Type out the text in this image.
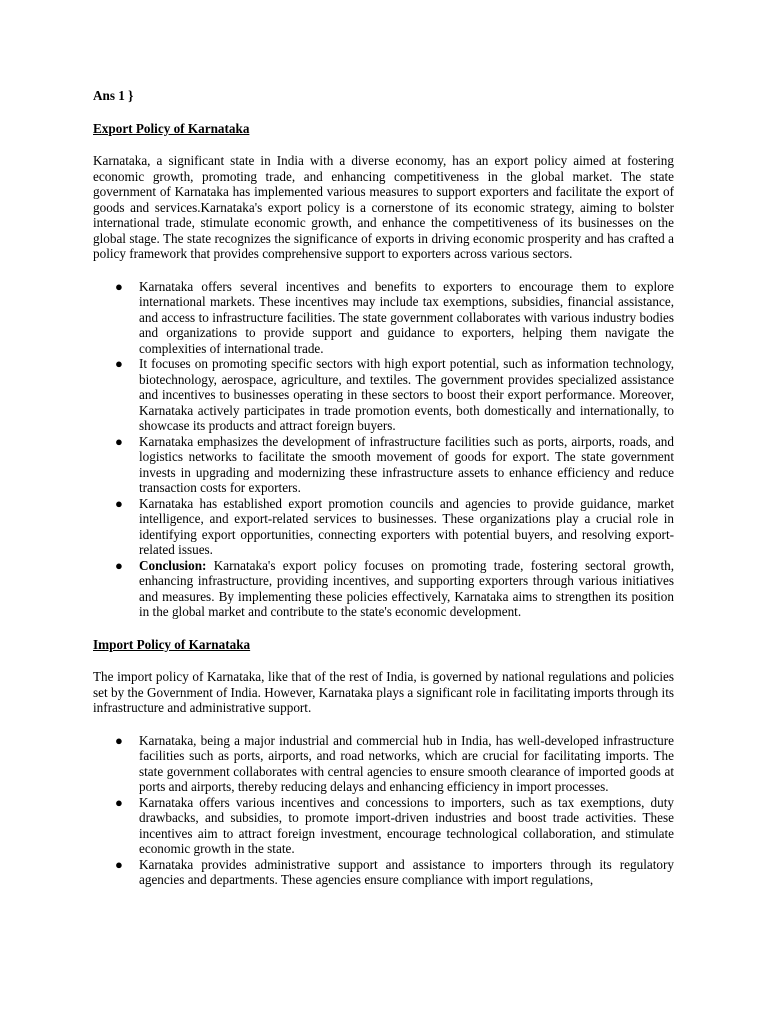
Ans 1 }

Export Policy of Karnataka

Karnataka, a significant state in India with a diverse economy, has an export policy aimed at fostering economic growth, promoting trade, and enhancing competitiveness in the global market. The state government of Karnataka has implemented various measures to support exporters and facilitate the export of goods and services.Karnataka's export policy is a cornerstone of its economic strategy, aiming to bolster international trade, stimulate economic growth, and enhance the competitiveness of its businesses on the global stage. The state recognizes the significance of exports in driving economic prosperity and has crafted a policy framework that provides comprehensive support to exporters across various sectors.

● Karnataka offers several incentives and benefits to exporters to encourage them to explore international markets. These incentives may include tax exemptions, subsidies, financial assistance, and access to infrastructure facilities. The state government collaborates with various industry bodies and organizations to provide support and guidance to exporters, helping them navigate the complexities of international trade.
● It focuses on promoting specific sectors with high export potential, such as information technology, biotechnology, aerospace, agriculture, and textiles. The government provides specialized assistance and incentives to businesses operating in these sectors to boost their export performance. Moreover, Karnataka actively participates in trade promotion events, both domestically and internationally, to showcase its products and attract foreign buyers.
● Karnataka emphasizes the development of infrastructure facilities such as ports, airports, roads, and logistics networks to facilitate the smooth movement of goods for export. The state government invests in upgrading and modernizing these infrastructure assets to enhance efficiency and reduce transaction costs for exporters.
● Karnataka has established export promotion councils and agencies to provide guidance, market intelligence, and export-related services to businesses. These organizations play a crucial role in identifying export opportunities, connecting exporters with potential buyers, and resolving export-related issues.
● Conclusion: Karnataka's export policy focuses on promoting trade, fostering sectoral growth, enhancing infrastructure, providing incentives, and supporting exporters through various initiatives and measures. By implementing these policies effectively, Karnataka aims to strengthen its position in the global market and contribute to the state's economic development.

Import Policy of Karnataka

The import policy of Karnataka, like that of the rest of India, is governed by national regulations and policies set by the Government of India. However, Karnataka plays a significant role in facilitating imports through its infrastructure and administrative support.

● Karnataka, being a major industrial and commercial hub in India, has well-developed infrastructure facilities such as ports, airports, and road networks, which are crucial for facilitating imports. The state government collaborates with central agencies to ensure smooth clearance of imported goods at ports and airports, thereby reducing delays and enhancing efficiency in import processes.
● Karnataka offers various incentives and concessions to importers, such as tax exemptions, duty drawbacks, and subsidies, to promote import-driven industries and boost trade activities. These incentives aim to attract foreign investment, encourage technological collaboration, and stimulate economic growth in the state.
● Karnataka provides administrative support and assistance to importers through its regulatory agencies and departments. These agencies ensure compliance with import regulations,
